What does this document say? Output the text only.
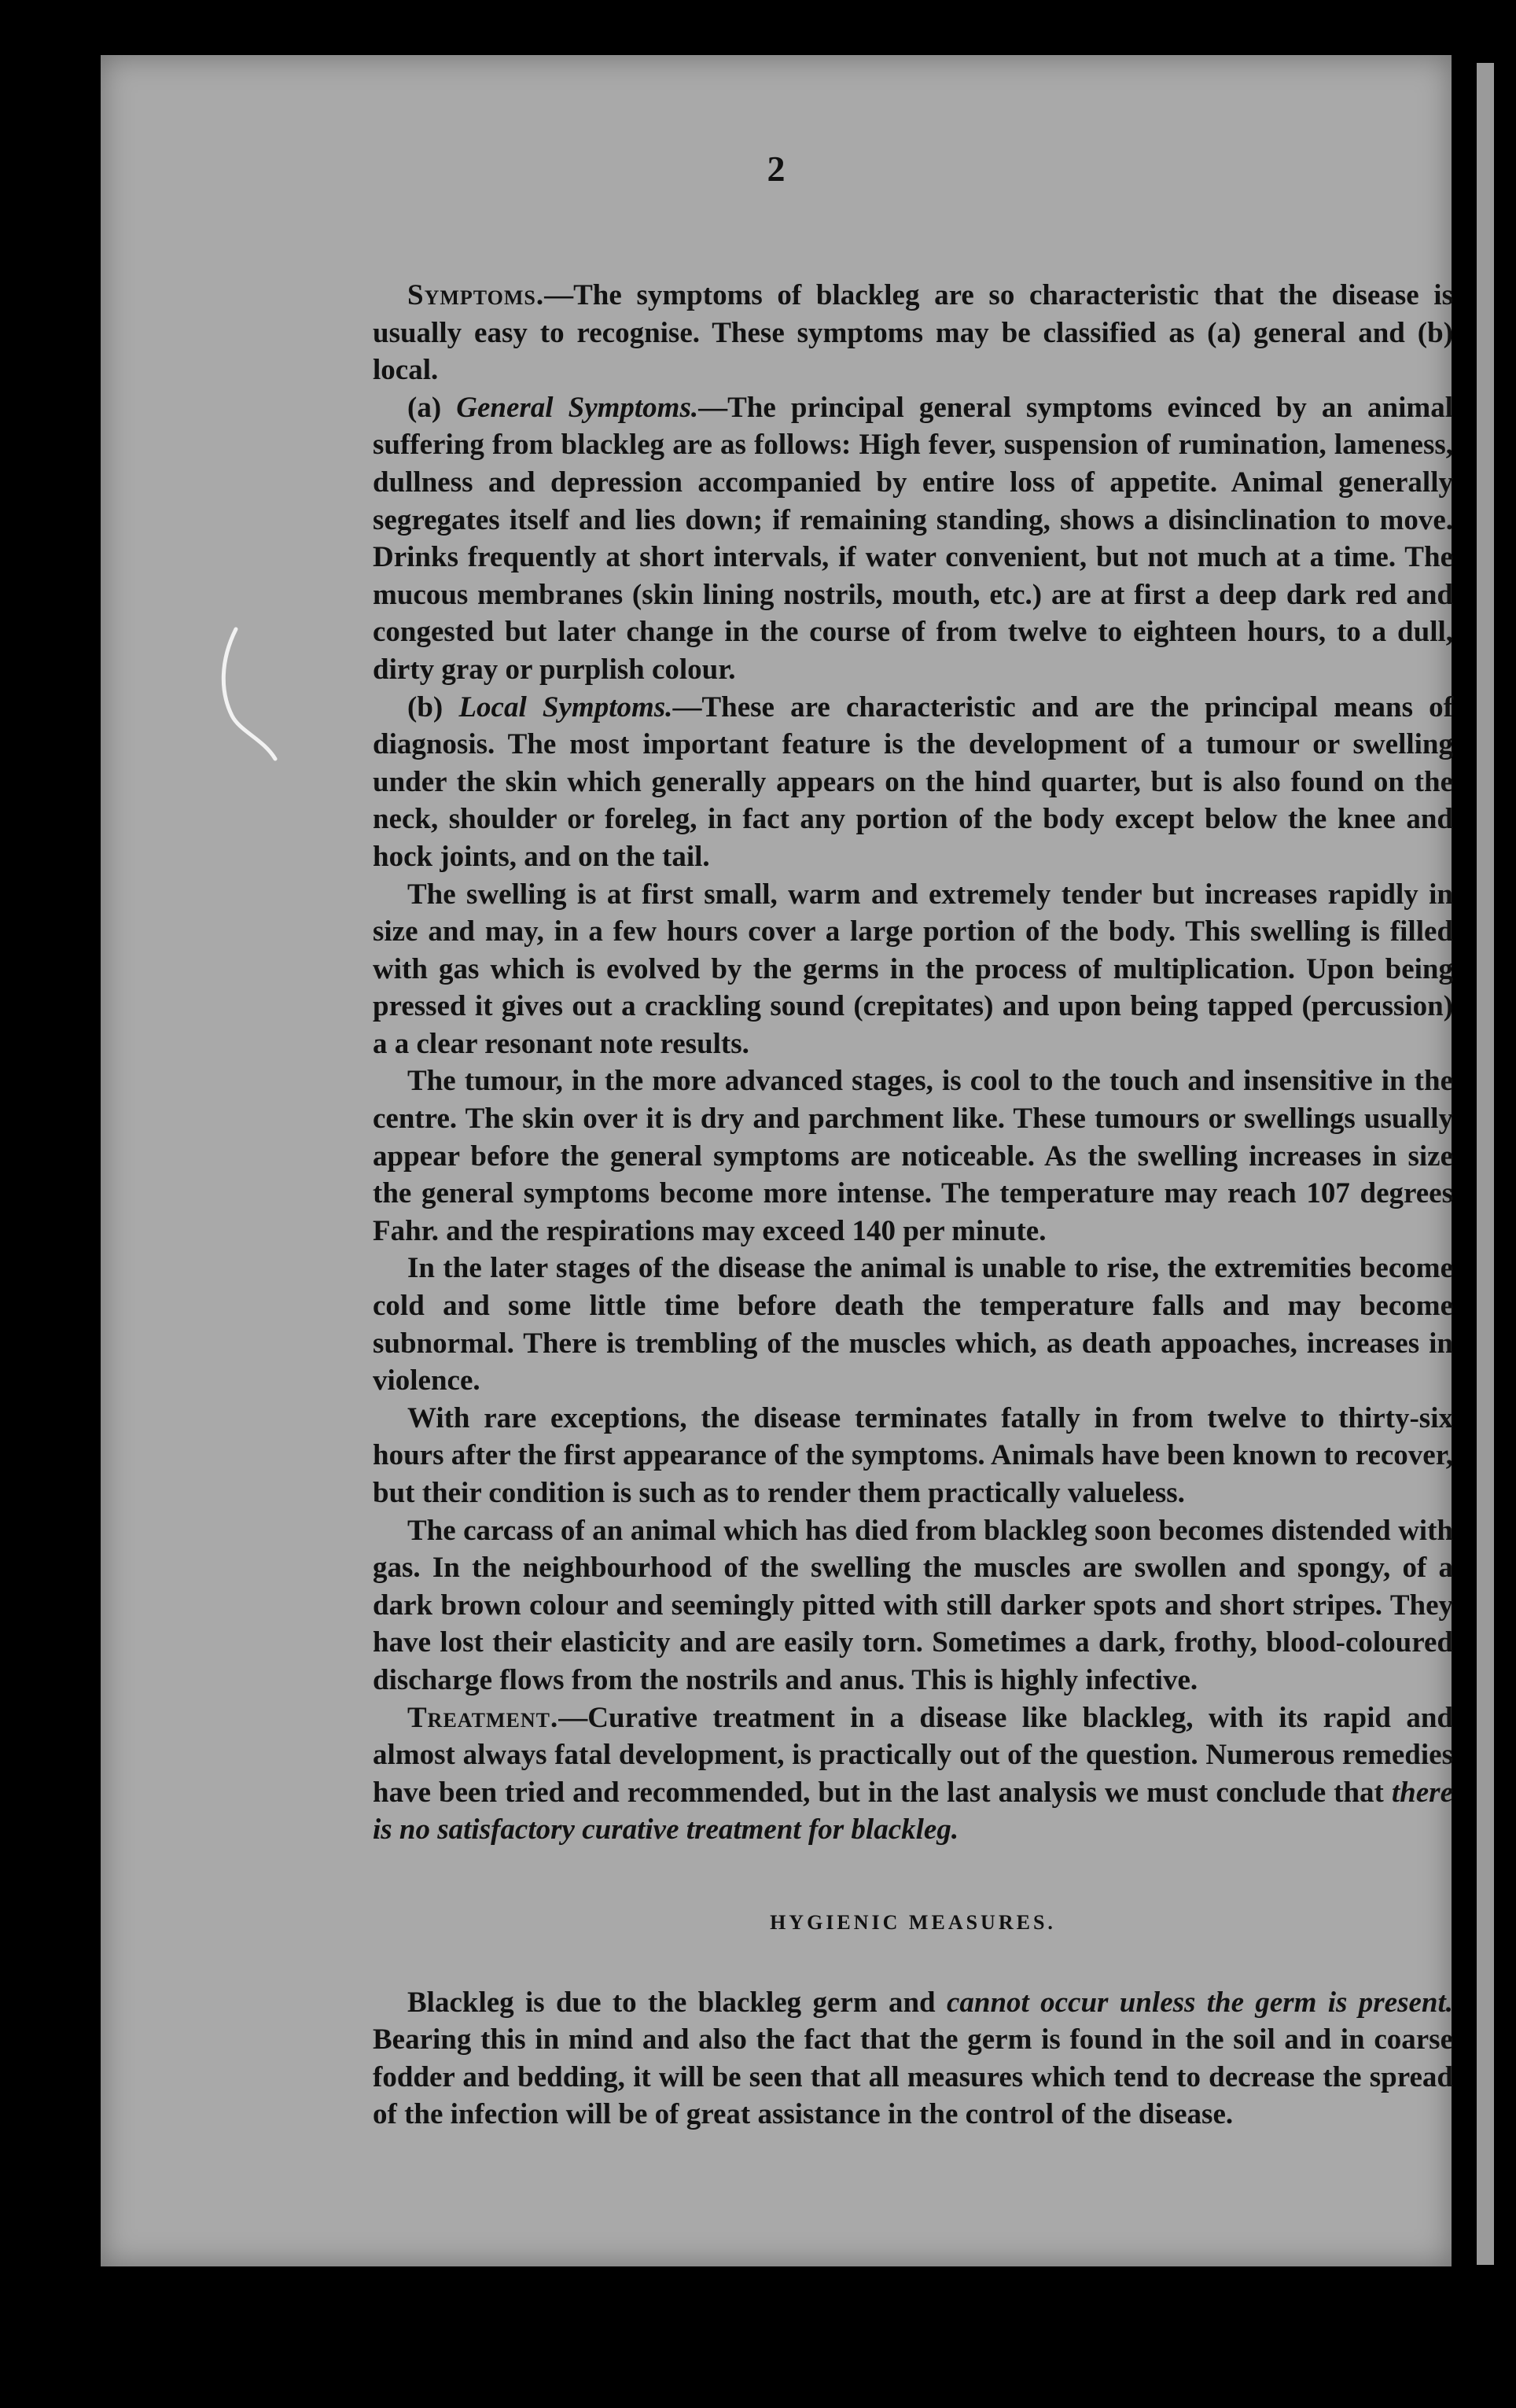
2

Symptoms.—The symptoms of blackleg are so characteristic that the disease is usually easy to recognise. These symptoms may be classified as (a) general and (b) local.

(a) General Symptoms.—The principal general symptoms evinced by an animal suffering from blackleg are as follows: High fever, suspension of rumination, lameness, dullness and depression accompanied by entire loss of appetite. Animal generally segregates itself and lies down; if remaining standing, shows a disinclination to move. Drinks frequently at short intervals, if water convenient, but not much at a time. The mucous membranes (skin lining nostrils, mouth, etc.) are at first a deep dark red and congested but later change in the course of from twelve to eighteen hours, to a dull, dirty gray or purplish colour.

(b) Local Symptoms.—These are characteristic and are the principal means of diagnosis. The most important feature is the development of a tumour or swelling under the skin which generally appears on the hind quarter, but is also found on the neck, shoulder or foreleg, in fact any portion of the body except below the knee and hock joints, and on the tail.

The swelling is at first small, warm and extremely tender but increases rapidly in size and may, in a few hours cover a large portion of the body. This swelling is filled with gas which is evolved by the germs in the process of multiplication. Upon being pressed it gives out a crackling sound (crepitates) and upon being tapped (percussion) a a clear resonant note results.

The tumour, in the more advanced stages, is cool to the touch and insensitive in the centre. The skin over it is dry and parchment like. These tumours or swellings usually appear before the general symptoms are noticeable. As the swelling increases in size the general symptoms become more intense. The temperature may reach 107 degrees Fahr. and the respirations may exceed 140 per minute.

In the later stages of the disease the animal is unable to rise, the extremities become cold and some little time before death the temperature falls and may become subnormal. There is trembling of the muscles which, as death appoaches, increases in violence.

With rare exceptions, the disease terminates fatally in from twelve to thirty-six hours after the first appearance of the symptoms. Animals have been known to recover, but their condition is such as to render them practically valueless.

The carcass of an animal which has died from blackleg soon becomes distended with gas. In the neighbourhood of the swelling the muscles are swollen and spongy, of a dark brown colour and seemingly pitted with still darker spots and short stripes. They have lost their elasticity and are easily torn. Sometimes a dark, frothy, blood-coloured discharge flows from the nostrils and anus. This is highly infective.

Treatment.—Curative treatment in a disease like blackleg, with its rapid and almost always fatal development, is practically out of the question. Numerous remedies have been tried and recommended, but in the last analysis we must conclude that there is no satisfactory curative treatment for blackleg.

HYGIENIC MEASURES.

Blackleg is due to the blackleg germ and cannot occur unless the germ is present. Bearing this in mind and also the fact that the germ is found in the soil and in coarse fodder and bedding, it will be seen that all measures which tend to decrease the spread of the infection will be of great assistance in the control of the disease.
